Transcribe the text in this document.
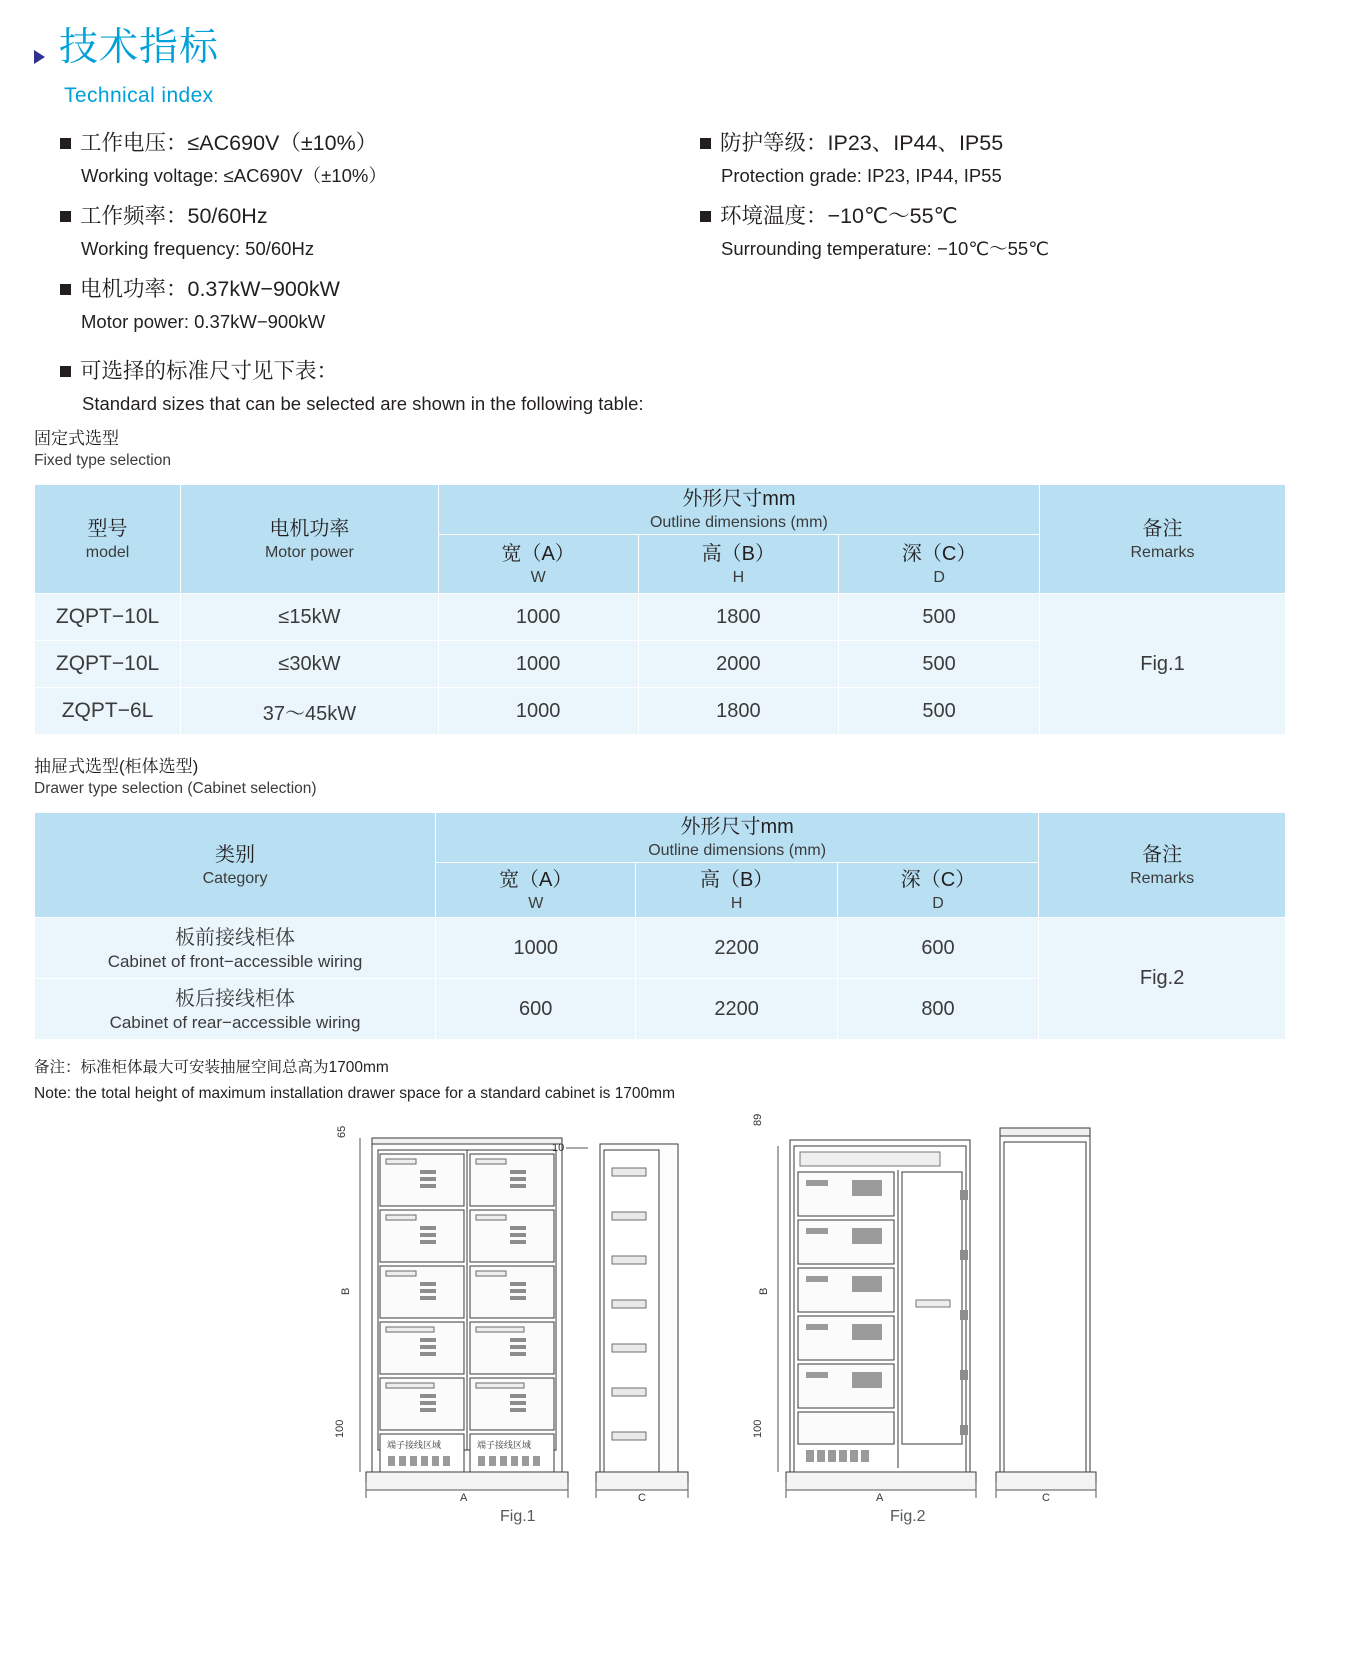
技术指标
Technical index
工作电压：≤AC690V（±10%）
Working voltage: ≤AC690V（±10%）
工作频率：50/60Hz
Working frequency: 50/60Hz
电机功率：0.37kW−900kW
Motor power: 0.37kW−900kW
防护等级：IP23、IP44、IP55
Protection grade: IP23, IP44, IP55
环境温度：−10℃～55℃
Surrounding temperature: −10℃～55℃
可选择的标准尺寸见下表：
Standard sizes that can be selected are shown in the following table:
固定式选型
Fixed type selection
型号
model

电机功率
Motor power

外形尺寸mm
Outline dimensions (mm)	备注
Remarks

宽（A）
W

高（B）
H

深（C）
D

ZQPT−10L	≤15kW	1000	1800	500	Fig.1
ZQPT−10L	≤30kW	1000	2000	500	
ZQPT−6L	37～45kW	1000	1800	500	
抽屉式选型(柜体选型)
Drawer type selection (Cabinet selection)
类别
Category

外形尺寸mm
Outline dimensions (mm)	备注
Remarks

宽（A）
W

高（B）
H

深（C）
D

板前接线柜体
Cabinet of front−accessible wiring	1000	2200	600	Fig.2

板后接线柜体
Cabinet of rear−accessible wiring	600	2200	800	
备注：标准柜体最大可安装抽屉空间总高为1700mm
Note: the total height of maximum installation drawer space for a standard cabinet is 1700mm
65
10
B
100
A	C
89
B
100
A	C
端子接线区域	端子接线区域
Fig.1	Fig.2
